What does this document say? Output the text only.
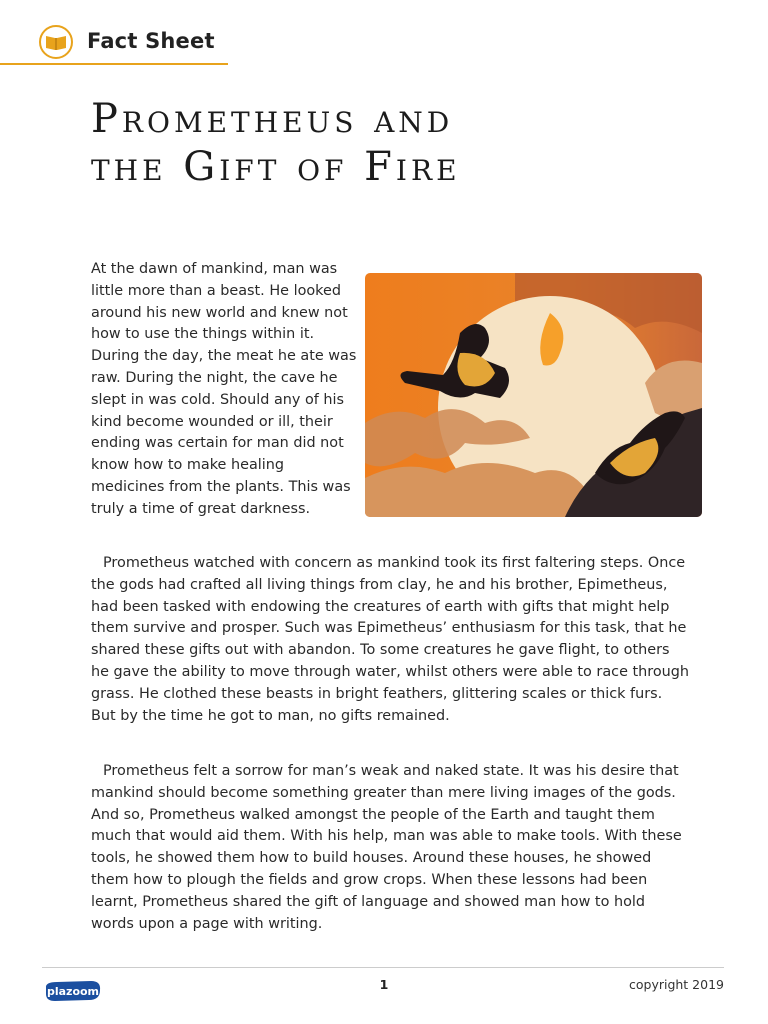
Fact Sheet
Prometheus and the Gift of Fire

At the dawn of mankind, man was little more than a beast. He looked around his new world and knew not how to use the things within it. During the day, the meat he ate was raw. During the night, the cave he slept in was cold. Should any of his kind become wounded or ill, their ending was certain for man did not know how to make healing medicines from the plants. This was truly a time of great darkness.

Prometheus watched with concern as mankind took its first faltering steps. Once the gods had crafted all living things from clay, he and his brother, Epimetheus, had been tasked with endowing the creatures of earth with gifts that might help them survive and prosper. Such was Epimetheus’ enthusiasm for this task, that he shared these gifts out with abandon. To some creatures he gave flight, to others he gave the ability to move through water, whilst others were able to race through grass. He clothed these beasts in bright feathers, glittering scales or thick furs. But by the time he got to man, no gifts remained.

Prometheus felt a sorrow for man’s weak and naked state. It was his desire that mankind should become something greater than mere living images of the gods. And so, Prometheus walked amongst the people of the Earth and taught them much that would aid them. With his help, man was able to make tools. With these tools, he showed them how to build houses. Around these houses, he showed them how to plough the fields and grow crops. When these lessons had been learnt, Prometheus shared the gift of language and showed man how to hold words upon a page with writing.

plazoom	1	copyright 2019
